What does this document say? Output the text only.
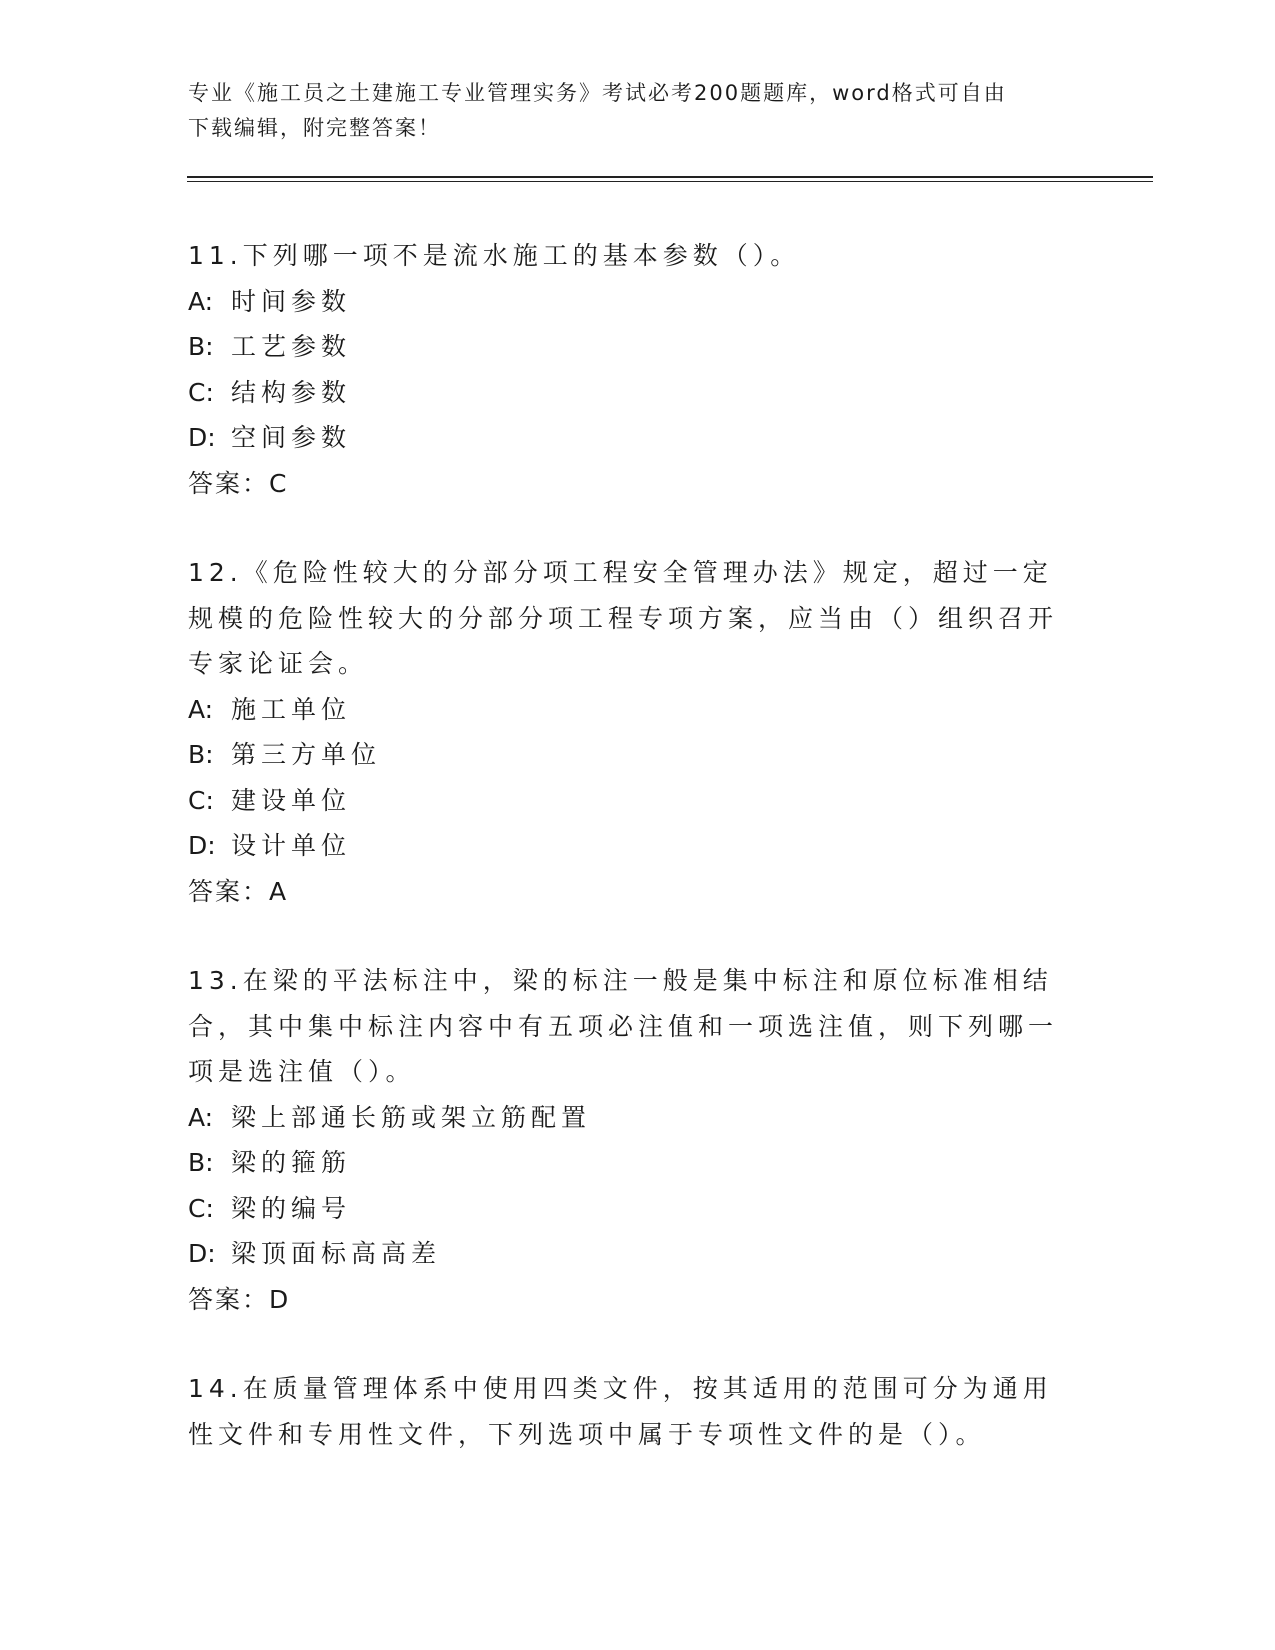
专业《施工员之土建施工专业管理实务》考试必考200题题库，word格式可自由
下载编辑，附完整答案！

11.下列哪一项不是流水施工的基本参数（）。

A: 时间参数

B: 工艺参数

C: 结构参数

D: 空间参数

答案：C

12.《危险性较大的分部分项工程安全管理办法》规定，超过一定规模的危险性较大的分部分项工程专项方案，应当由（）组织召开专家论证会。

A: 施工单位

B: 第三方单位

C: 建设单位

D: 设计单位

答案：A

13.在梁的平法标注中，梁的标注一般是集中标注和原位标准相结合，其中集中标注内容中有五项必注值和一项选注值，则下列哪一项是选注值（）。

A: 梁上部通长筋或架立筋配置

B: 梁的箍筋

C: 梁的编号

D: 梁顶面标高高差

答案：D

14.在质量管理体系中使用四类文件，按其适用的范围可分为通用性文件和专用性文件，下列选项中属于专项性文件的是（）。
